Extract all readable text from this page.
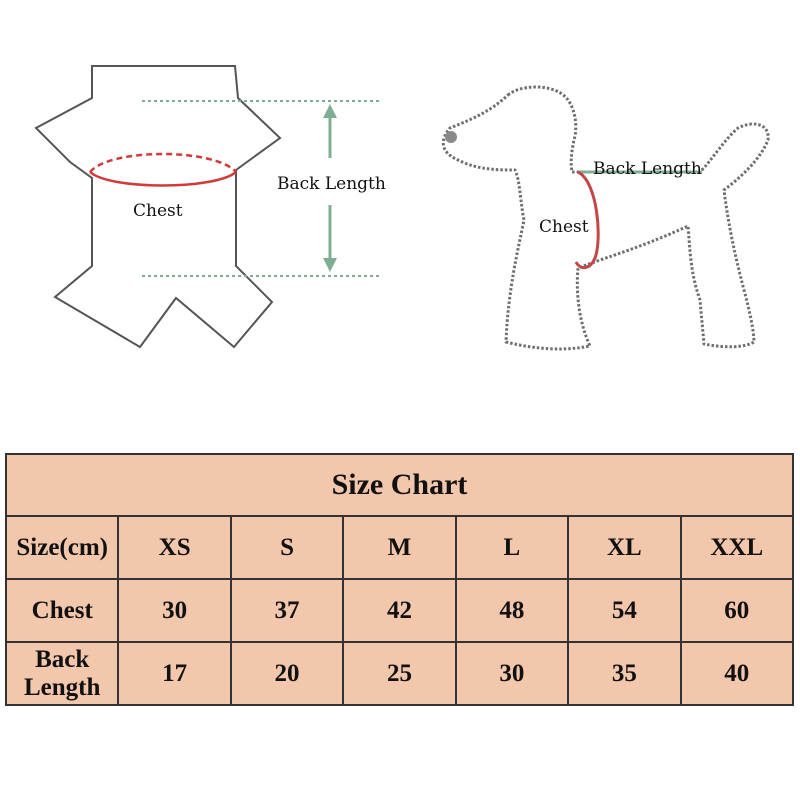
Chest
Back Length
Back Length
Chest
Size Chart						
Size(cm)	XS	S	M	L	XL	XXL
Chest	30	37	42	48	54	60
Back Length	17	20	25	30	35	40
